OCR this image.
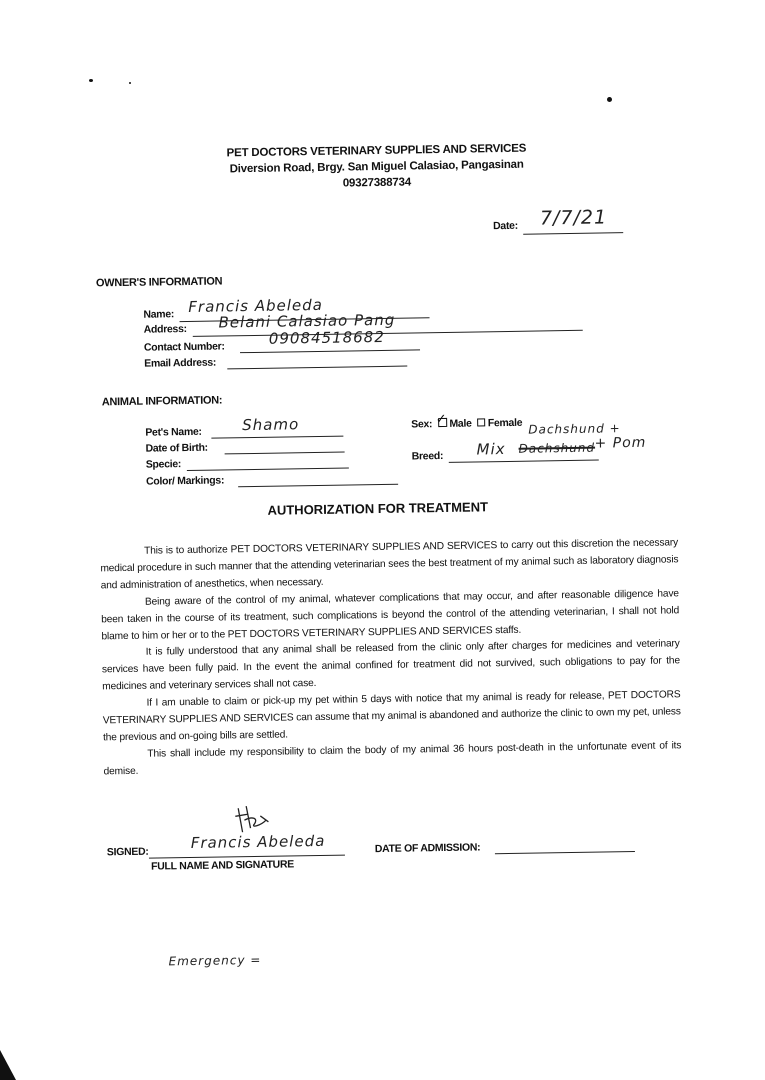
PET DOCTORS VETERINARY SUPPLIES AND SERVICES
Diversion Road, Brgy. San Miguel Calasiao, Pangasinan
09327388734
Date: 7/7/21
OWNER'S INFORMATION
Name: Francis Abeleda
Address: Belani Calasiao Pang
Contact Number:	09084518682
Email Address:
ANIMAL INFORMATION:
Pet's Name:	Shamo
Date of Birth:
Specie:
Color/ Markings:
Sex: ✓ Male Female
Breed: Mix Dachshund + Pom
Dachshund +
AUTHORIZATION FOR TREATMENT

This is to authorize PET DOCTORS VETERINARY SUPPLIES AND SERVICES to carry out this discretion the necessary medical procedure in such manner that the attending veterinarian sees the best treatment of my animal such as laboratory diagnosis and administration of anesthetics, when necessary.

Being aware of the control of my animal, whatever complications that may occur, and after reasonable diligence have been taken in the course of its treatment, such complications is beyond the control of the attending veterinarian, I shall not hold blame to him or her or to the PET DOCTORS VETERINARY SUPPLIES AND SERVICES staffs.

It is fully understood that any animal shall be released from the clinic only after charges for medicines and veterinary services have been fully paid. In the event the animal confined for treatment did not survived, such obligations to pay for the medicines and veterinary services shall not case.

If I am unable to claim or pick-up my pet within 5 days with notice that my animal is ready for release, PET DOCTORS VETERINARY SUPPLIES AND SERVICES can assume that my animal is abandoned and authorize the clinic to own my pet, unless the previous and on-going bills are settled.

This shall include my responsibility to claim the body of my animal 36 hours post-death in the unfortunate event of its demise.

SIGNED:	Francis Abeleda
FULL NAME AND SIGNATURE
DATE OF ADMISSION:
Emergency =
